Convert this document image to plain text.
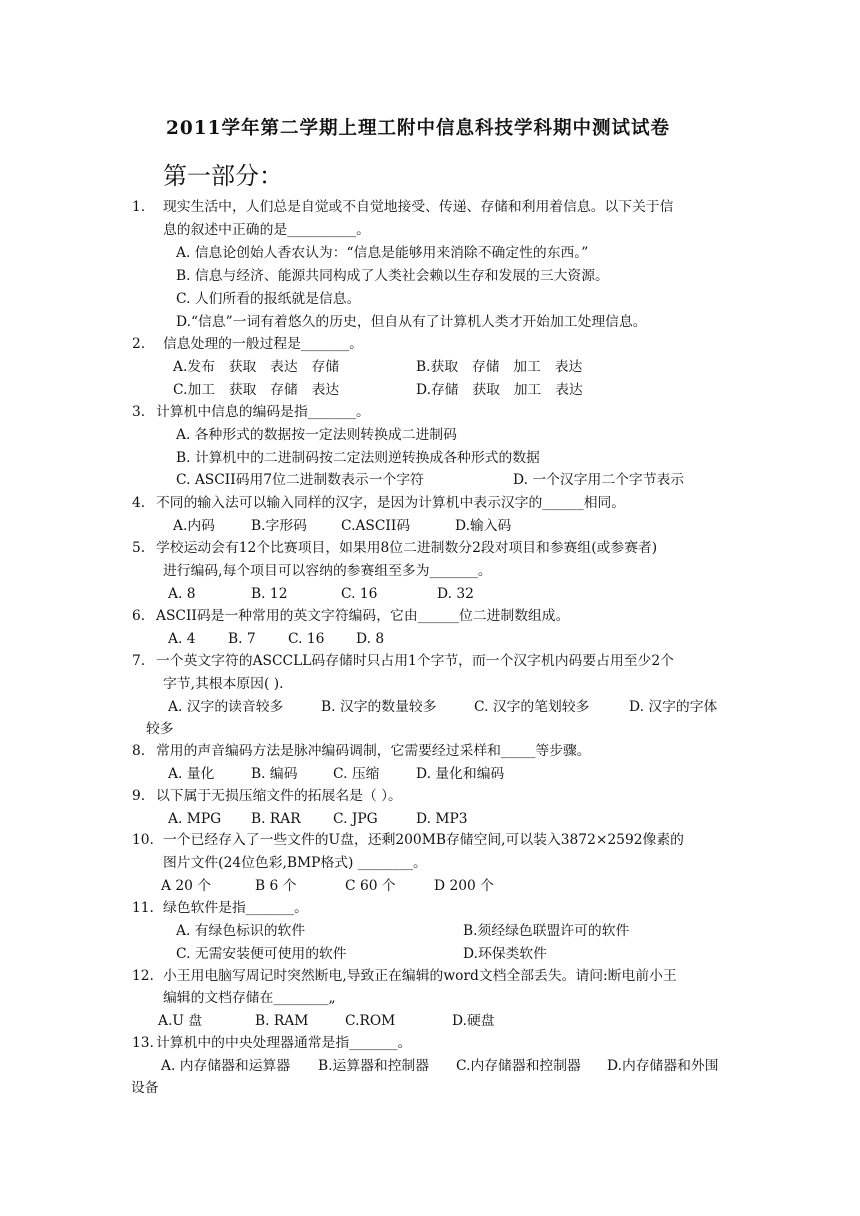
2011学年第二学期上理工附中信息科技学科期中测试试卷
第一部分：
1. 现实生活中，人们总是自觉或不自觉地接受、传递、存储和利用着信息。以下关于信
息的叙述中正确的是__________。
A. 信息论创始人香农认为：“信息是能够用来消除不确定性的东西。”
B. 信息与经济、能源共同构成了人类社会赖以生存和发展的三大资源。
C. 人们所看的报纸就是信息。
D.“信息”一词有着悠久的历史，但自从有了计算机人类才开始加工处理信息。
2. 信息处理的一般过程是_______。
A.发布　获取　表达　存储	B.获取　存储　加工　表达
C.加工　获取　存储　表达	D.存储　获取　加工　表达
3. 计算机中信息的编码是指_______。
A. 各种形式的数据按一定法则转换成二进制码
B. 计算机中的二进制码按二定法则逆转换成各种形式的数据
C. ASCII码用7位二进制数表示一个字符	D. 一个汉字用二个字节表示
4. 不同的输入法可以输入同样的汉字，是因为计算机中表示汉字的______相同。
A.内码	B.字形码 C.ASCII码	D.输入码
5. 学校运动会有12个比赛项目，如果用8位二进制数分2段对项目和参赛组(或参赛者)
进行编码,每个项目可以容纳的参赛组至多为_______。
A. 8	B. 12	C. 16	D. 32
6. ASCII码是一种常用的英文字符编码，它由______位二进制数组成。
A. 4 B. 7 C. 16 D. 8
7. 一个英文字符的ASCCLL码存储时只占用1个字节，而一个汉字机内码要占用至少2个
字节,其根本原因( ).
A. 汉字的读音较多	B. 汉字的数量较多	C. 汉字的笔划较多	D. 汉字的字体
较多
8. 常用的声音编码方法是脉冲编码调制，它需要经过采样和_____等步骤。
A. 量化	B. 编码	C. 压缩	D. 量化和编码
9. 以下属于无损压缩文件的拓展名是（ ）。
A. MPG B. RAR C. JPG	D. MP3
10. 一个已经存入了一些文件的U盘，还剩200MB存储空间,可以装入3872×2592像素的
图片文件(24位色彩,BMP格式) ________。
A 20 个	B 6 个	C 60 个	D 200 个
11. 绿色软件是指_______。
A. 有绿色标识的软件	B.须经绿色联盟许可的软件
C. 无需安装便可使用的软件	D.环保类软件
12. 小王用电脑写周记时突然断电,导致正在编辑的word文档全部丢失。请问:断电前小王
编辑的文档存储在________„
A.U 盘	B. RAM	C.ROM	D.硬盘
13. 计算机中的中央处理器通常是指_______。
A. 内存储器和运算器 B.运算器和控制器 C.内存储器和控制器 D.内存储器和外围
设备
